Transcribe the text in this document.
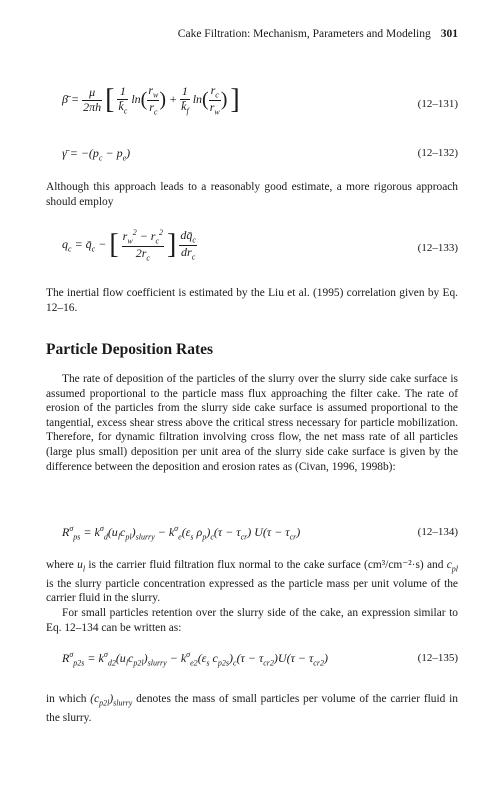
Cake Filtration: Mechanism, Parameters and Modeling 301
β̄ = $\frac{\mu}{2\pi h}$ [ $\frac{1}{k̄_c} \ln( \frac{r_w}{r_c}$ ) + $\frac{1}{k̄_f} \ln( \frac{r_c}{r_w}$ ) ]	(12–131)
γ̄ = $-(p_c - p_e)$	(12–132)

Although this approach leads to a reasonably good estimate, a more rigorous approach should employ

$q_c$ = $q̄_c$ − [ $\frac{r_w^2 - r_c^2}{2r_c}$ ] $\frac{dq̄_c}{dr_c}$	(12–133)

The inertial flow coefficient is estimated by the Liu et al. (1995) correlation given by Eq. 12–16.

Particle Deposition Rates

The rate of deposition of the particles of the slurry over the slurry side cake surface is assumed proportional to the particle mass flux approaching the filter cake. The rate of erosion of the particles from the slurry side cake surface is assumed proportional to the tangential, excess shear stress above the critical stress necessary for particle mobilization. Therefore, for dynamic filtration involving cross flow, the net mass rate of all particles (large plus small) deposition per unit area of the slurry side cake surface is given by the difference between the deposition and erosion rates as (Civan, 1996, 1998b):

$R^\sigma_{ps} = k^\sigma_d(u_lc_{pl})_{slurry} - k^\sigma_e(\varepsilon_s$ $\rho_p)_c(\tau - \tau_{cr})$ $U(\tau - \tau_{cr})$	(12–134)

where $u_l$ is the carrier fluid filtration flux normal to the cake surface (cm³/cm⁻²·s) and $c_{pl}$ is the slurry particle concentration expressed as the particle mass per unit volume of the carrier fluid in the slurry.

For small particles retention over the slurry side of the cake, an expression similar to Eq. 12–134 can be written as:

$R^\sigma_{p2s} = k^\sigma_{d2}(u_lc_{p2l})_{slurry} - k^\sigma_{e2}(\varepsilon_s$ $c_{p2s})_c(\tau - \tau_{cr2})U(\tau - \tau_{cr2})$	(12–135)

in which $(c_{p2l})_{slurry}$ denotes the mass of small particles per volume of the carrier fluid in the slurry.
